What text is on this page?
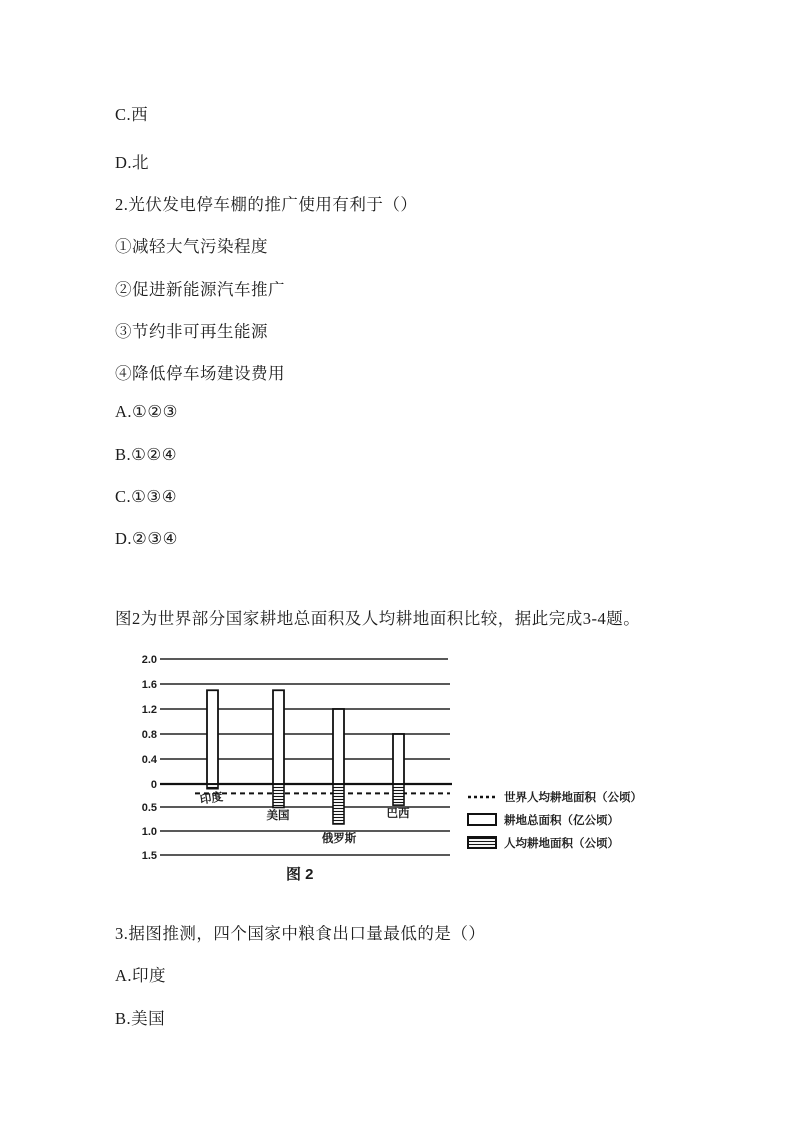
C.西
D.北
2.光伏发电停车棚的推广使用有利于（）
①减轻大气污染程度
②促进新能源汽车推广
③节约非可再生能源
④降低停车场建设费用
A.①②③
B.①②④
C.①③④
D.②③④
图2为世界部分国家耕地总面积及人均耕地面积比较，据此完成3-4题。
2.0
1.6
1.2
0.8
0.4
0
0.5
1.0
1.5
印度
美国
俄罗斯
巴西
世界人均耕地面积（公顷）
耕地总面积（亿公顷）
人均耕地面积（公顷）
图 2
3.据图推测，四个国家中粮食出口量最低的是（）
A.印度
B.美国
